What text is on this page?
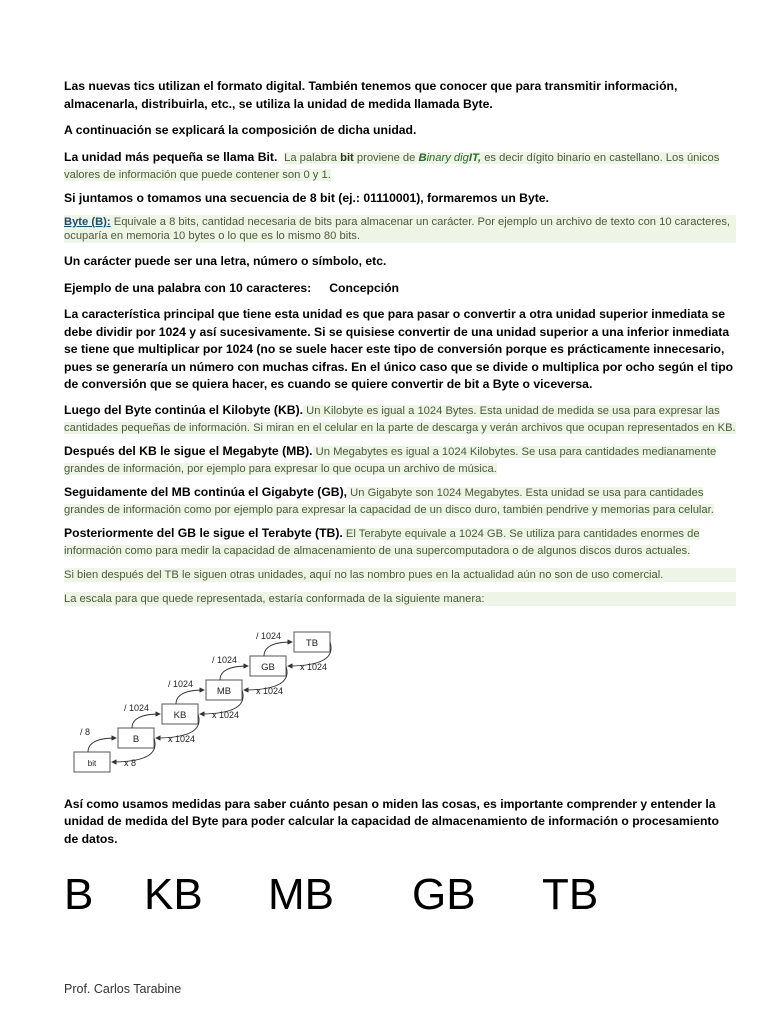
Las nuevas tics utilizan el formato digital. También tenemos que conocer que para transmitir información, almacenarla, distribuirla, etc., se utiliza la unidad de medida llamada Byte.

A continuación se explicará la composición de dicha unidad.

La unidad más pequeña se llama Bit. La palabra bit proviene de Binary digIT, es decir dígito binario en castellano. Los únicos valores de información que puede contener son 0 y 1.

Si juntamos o tomamos una secuencia de 8 bit (ej.: 01110001), formaremos un Byte.

Byte (B): Equivale a 8 bits, cantidad necesaria de bits para almacenar un carácter. Por ejemplo un archivo de texto con 10 caracteres, ocuparía en memoria 10 bytes o lo que es lo mismo 80 bits.

Un carácter puede ser una letra, número o símbolo, etc.

Ejemplo de una palabra con 10 caracteres: Concepción

La característica principal que tiene esta unidad es que para pasar o convertir a otra unidad superior inmediata se debe dividir por 1024 y así sucesivamente. Si se quisiese convertir de una unidad superior a una inferior inmediata se tiene que multiplicar por 1024 (no se suele hacer este tipo de conversión porque es prácticamente innecesario, pues se generaría un número con muchas cifras. En el único caso que se divide o multiplica por ocho según el tipo de conversión que se quiera hacer, es cuando se quiere convertir de bit a Byte o viceversa.

Luego del Byte continúa el Kilobyte (KB). Un Kilobyte es igual a 1024 Bytes. Esta unidad de medida se usa para expresar las cantidades pequeñas de información. Si miran en el celular en la parte de descarga y verán archivos que ocupan representados en KB.

Después del KB le sigue el Megabyte (MB). Un Megabytes es igual a 1024 Kilobytes. Se usa para cantidades medianamente grandes de información, por ejemplo para expresar lo que ocupa un archivo de música.

Seguidamente del MB continúa el Gigabyte (GB), Un Gigabyte son 1024 Megabytes. Esta unidad se usa para cantidades grandes de información como por ejemplo para expresar la capacidad de un disco duro, también pendrive y memorias para celular.

Posteriormente del GB le sigue el Terabyte (TB). El Terabyte equivale a 1024 GB. Se utiliza para cantidades enormes de información como para medir la capacidad de almacenamiento de una supercomputadora o de algunos discos duros actuales.

Si bien después del TB le siguen otras unidades, aquí no las nombro pues en la actualidad aún no son de uso comercial.

La escala para que quede representada, estaría conformada de la siguiente manera:

bit
B
KB
MB
GB
TB
/ 8
x 8
/ 1024
x 1024
/ 1024
x 1024
/ 1024
x 1024
/ 1024
x 1024

Así como usamos medidas para saber cuánto pesan o miden las cosas, es importante comprender y entender la unidad de medida del Byte para poder calcular la capacidad de almacenamiento de información o procesamiento de datos.

B	KB	MB	GB	TB
Prof. Carlos Tarabine
